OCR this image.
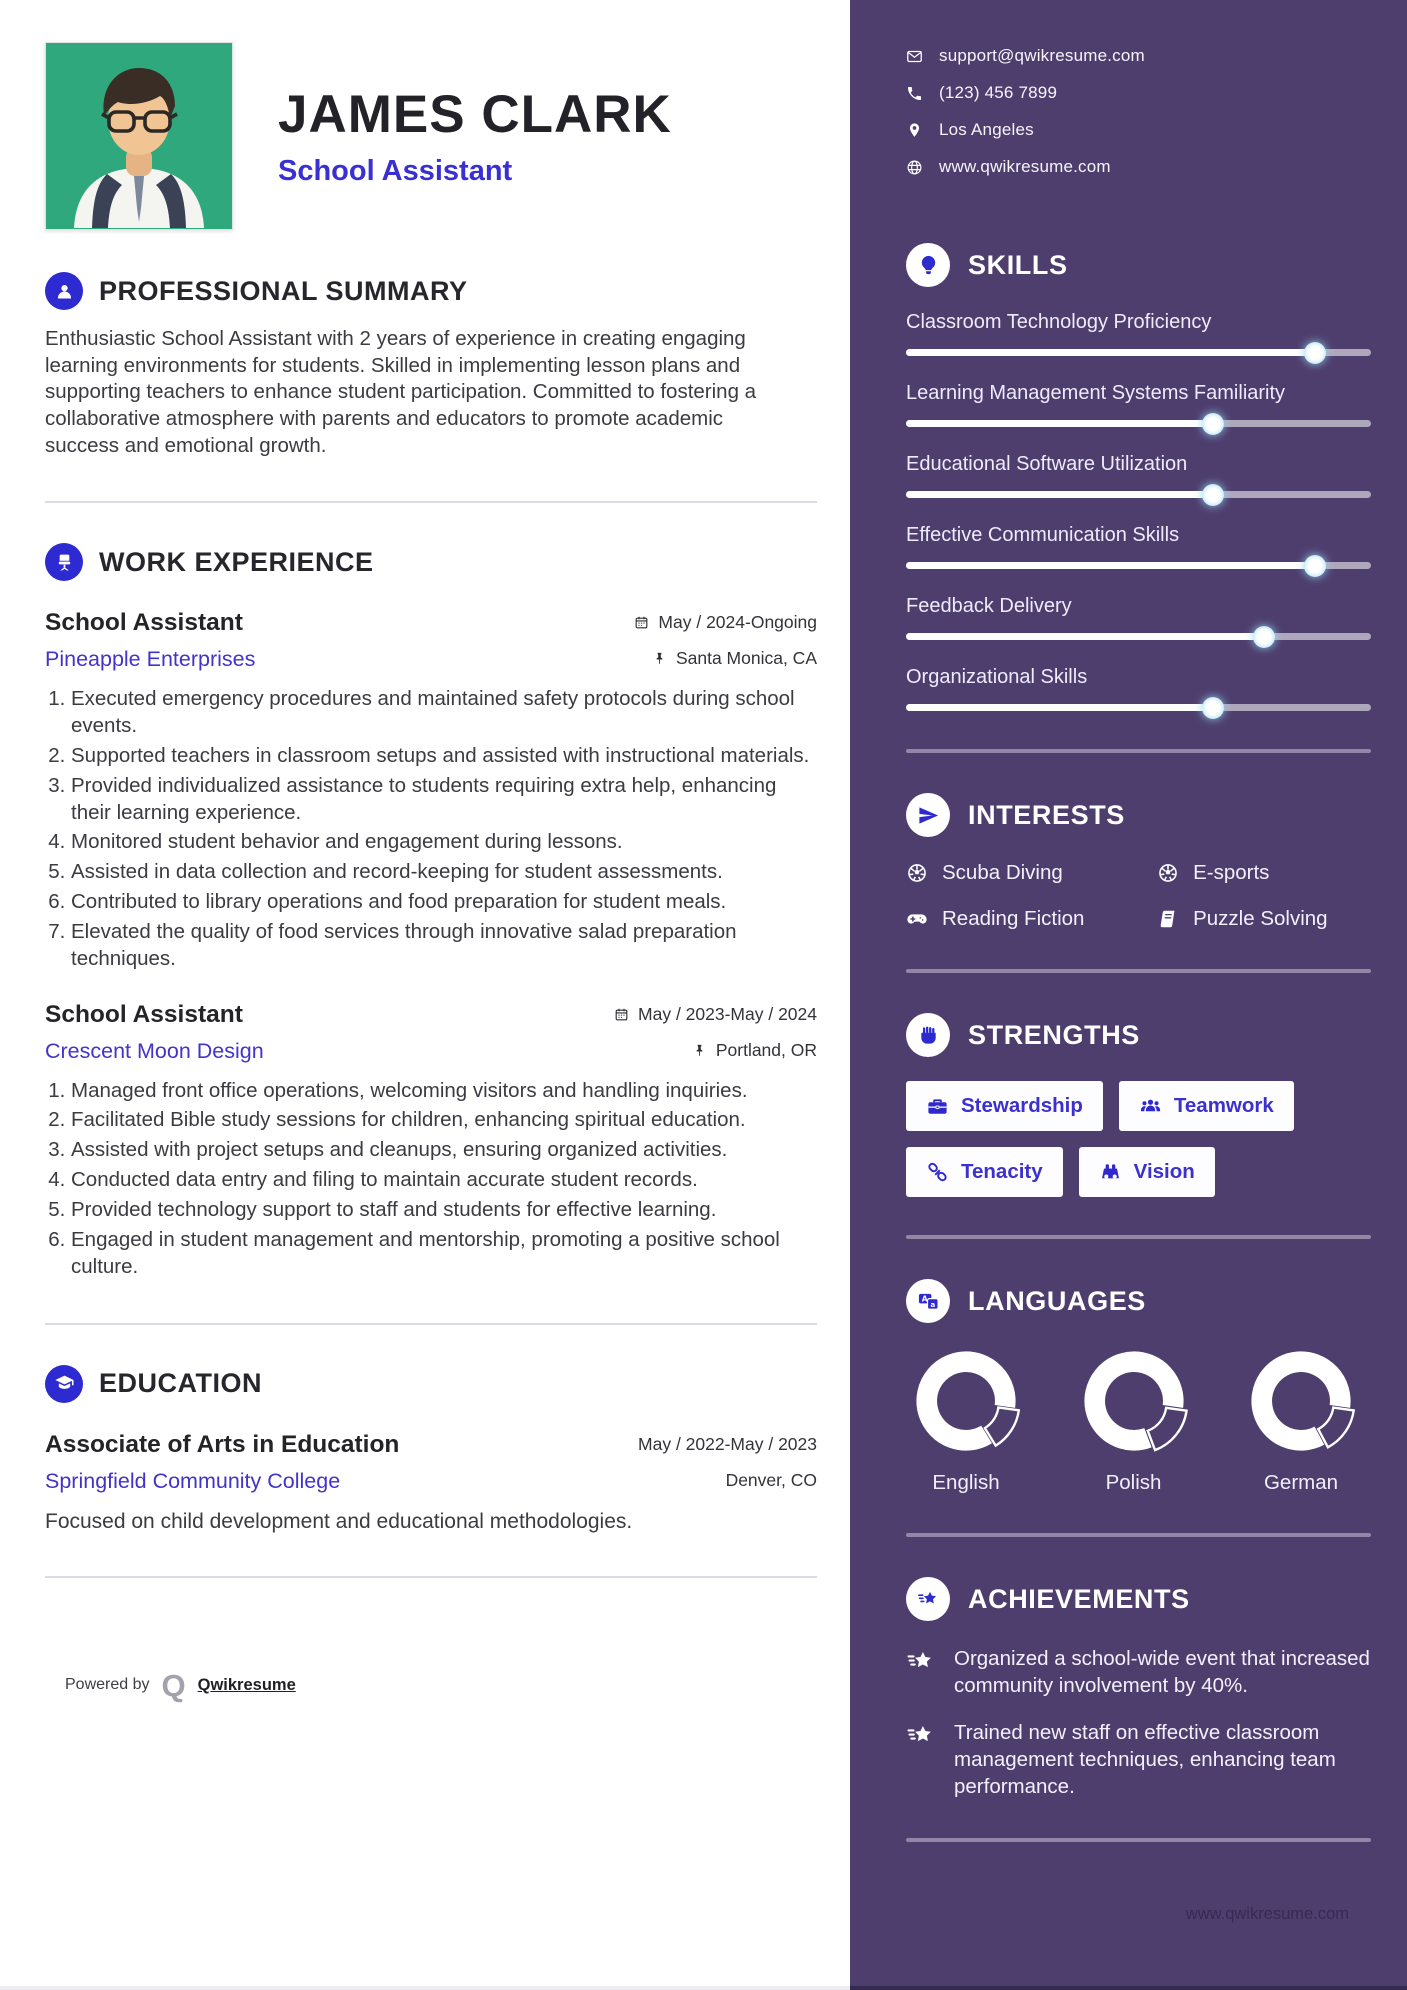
JAMES CLARK
School Assistant
PROFESSIONAL SUMMARY

Enthusiastic School Assistant with 2 years of experience in creating engaging learning environments for students. Skilled in implementing lesson plans and supporting teachers to enhance student participation. Committed to fostering a collaborative atmosphere with parents and educators to promote academic success and emotional growth.

WORK EXPERIENCE
School Assistant	May / 2024-Ongoing
Pineapple Enterprises	Santa Monica, CA
1. Executed emergency procedures and maintained safety protocols during school events.
2. Supported teachers in classroom setups and assisted with instructional materials.
3. Provided individualized assistance to students requiring extra help, enhancing their learning experience.
4. Monitored student behavior and engagement during lessons.
5. Assisted in data collection and record-keeping for student assessments.
6. Contributed to library operations and food preparation for student meals.
7. Elevated the quality of food services through innovative salad preparation techniques.
School Assistant	May / 2023-May / 2024
Crescent Moon Design	Portland, OR
1. Managed front office operations, welcoming visitors and handling inquiries.
2. Facilitated Bible study sessions for children, enhancing spiritual education.
3. Assisted with project setups and cleanups, ensuring organized activities.
4. Conducted data entry and filing to maintain accurate student records.
5. Provided technology support to staff and students for effective learning.
6. Engaged in student management and mentorship, promoting a positive school culture.
EDUCATION
Associate of Arts in Education	May / 2022-May / 2023
Springfield Community College	Denver, CO

Focused on child development and educational methodologies.

Powered by Q Qwikresume
support@qwikresume.com
(123) 456 7899
Los Angeles
www.qwikresume.com
SKILLS
Classroom Technology Proficiency
Learning Management Systems Familiarity
Educational Software Utilization
Effective Communication Skills
Feedback Delivery
Organizational Skills
INTERESTS
Scuba Diving	E-sports
Reading Fiction	Puzzle Solving
STRENGTHS
Stewardship	Teamwork
Tenacity	Vision
A
a LANGUAGES
English	Polish	German
ACHIEVEMENTS
Organized a school-wide event that increased community involvement by 40%.
Trained new staff on effective classroom management techniques, enhancing team performance.
www.qwikresume.com
